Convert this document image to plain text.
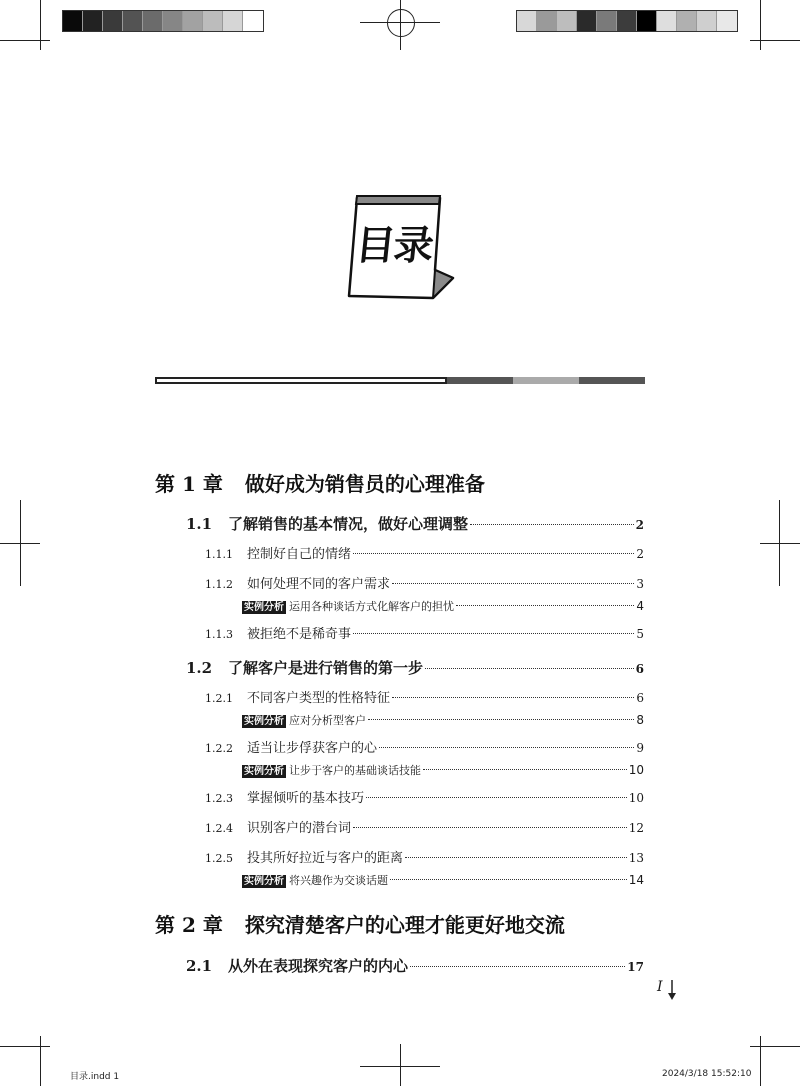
目录
第 1 章 做好成为销售员的心理准备
1.1	了解销售的基本情况，做好心理调整	2
1.1.1	控制好自己的情绪	2
1.1.2	如何处理不同的客户需求	3
实例分析 运用各种谈话方式化解客户的担忧	4
1.1.3	被拒绝不是稀奇事	5
1.2	了解客户是进行销售的第一步	6
1.2.1	不同客户类型的性格特征	6
实例分析 应对分析型客户	8
1.2.2	适当让步俘获客户的心	9
实例分析 让步于客户的基础谈话技能	10
1.2.3	掌握倾听的基本技巧	10
1.2.4	识别客户的潜台词	12
1.2.5	投其所好拉近与客户的距离	13
实例分析 将兴趣作为交谈话题	14
第 2 章 探究清楚客户的心理才能更好地交流
2.1	从外在表现探究客户的内心	17
I
目录.indd 1	2024/3/18 15:52:10
